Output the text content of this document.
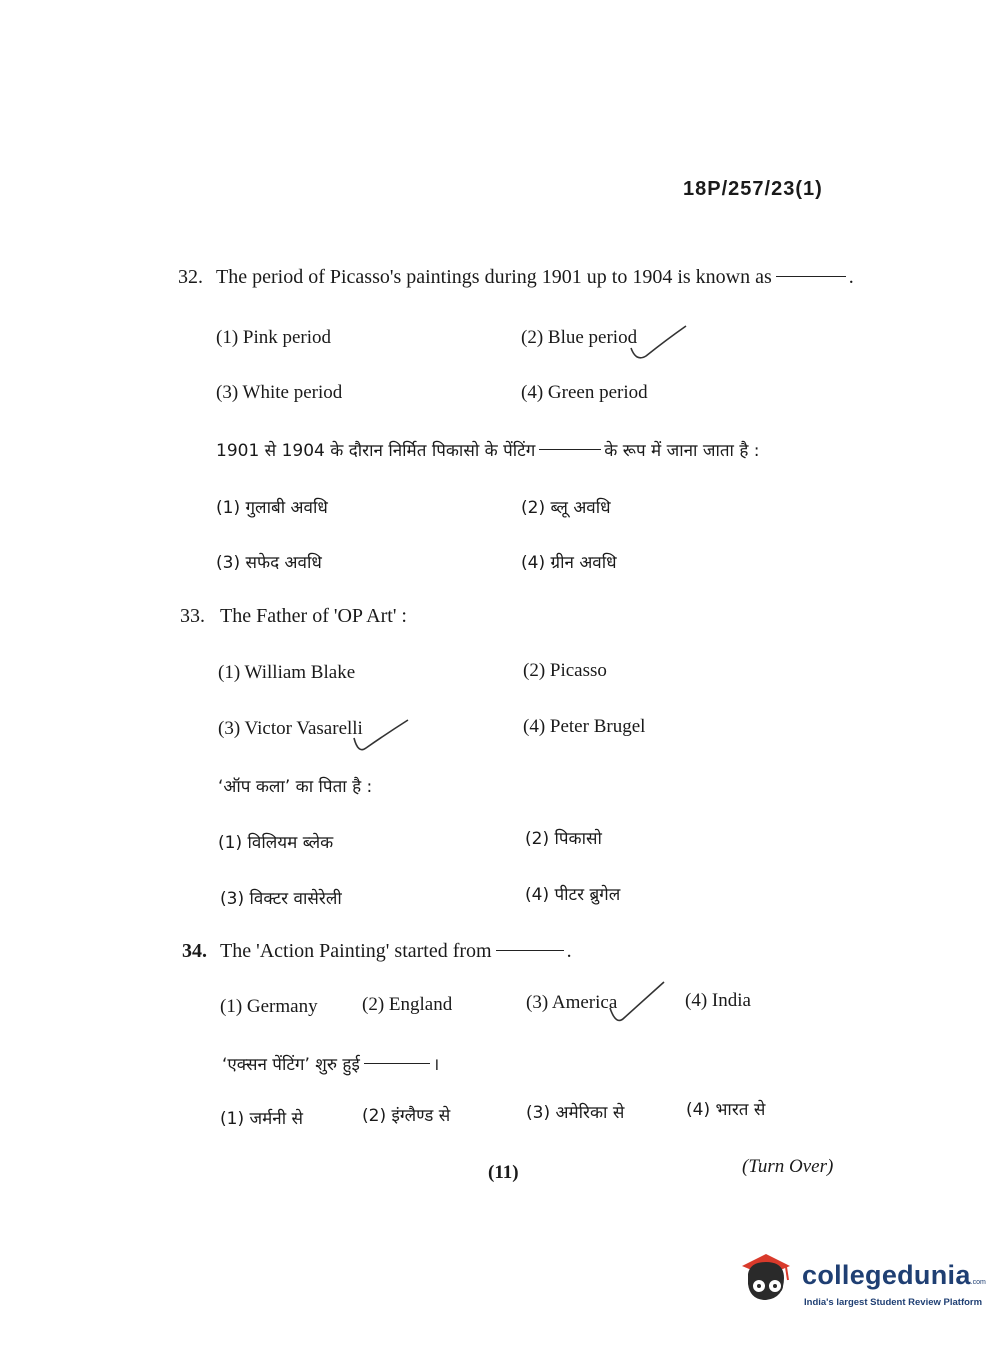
18P/257/23(1)
32. The period of Picasso's paintings during 1901 up to 1904 is known as	.
(1) Pink period	(2) Blue period
(3) White period	(4) Green period
1901 से 1904 के दौरान निर्मित पिकासो के पेंटिंग	के रूप में जाना जाता है :
(1) गुलाबी अवधि	(2) ब्लू अवधि
(3) सफेद अवधि	(4) ग्रीन अवधि
33. The Father of 'OP Art' :
(1) William Blake	(2) Picasso
(3) Victor Vasarelli	(4) Peter Brugel
‘ऑप कला’ का पिता है :
(1) विलियम ब्लेक	(2) पिकासो
(3) विक्टर वासेरेली	(4) पीटर ब्रुगेल
34. The 'Action Painting' started from	.
(1) Germany (2) England	(3) America	(4) India
‘एक्सन पेंटिंग’ शुरु हुई	।
(1) जर्मनी से	(2) इंग्लैण्ड से	(3) अमेरिका से	(4) भारत से
(11)	(Turn Over)
collegedunia.com
India's largest Student Review Platform
